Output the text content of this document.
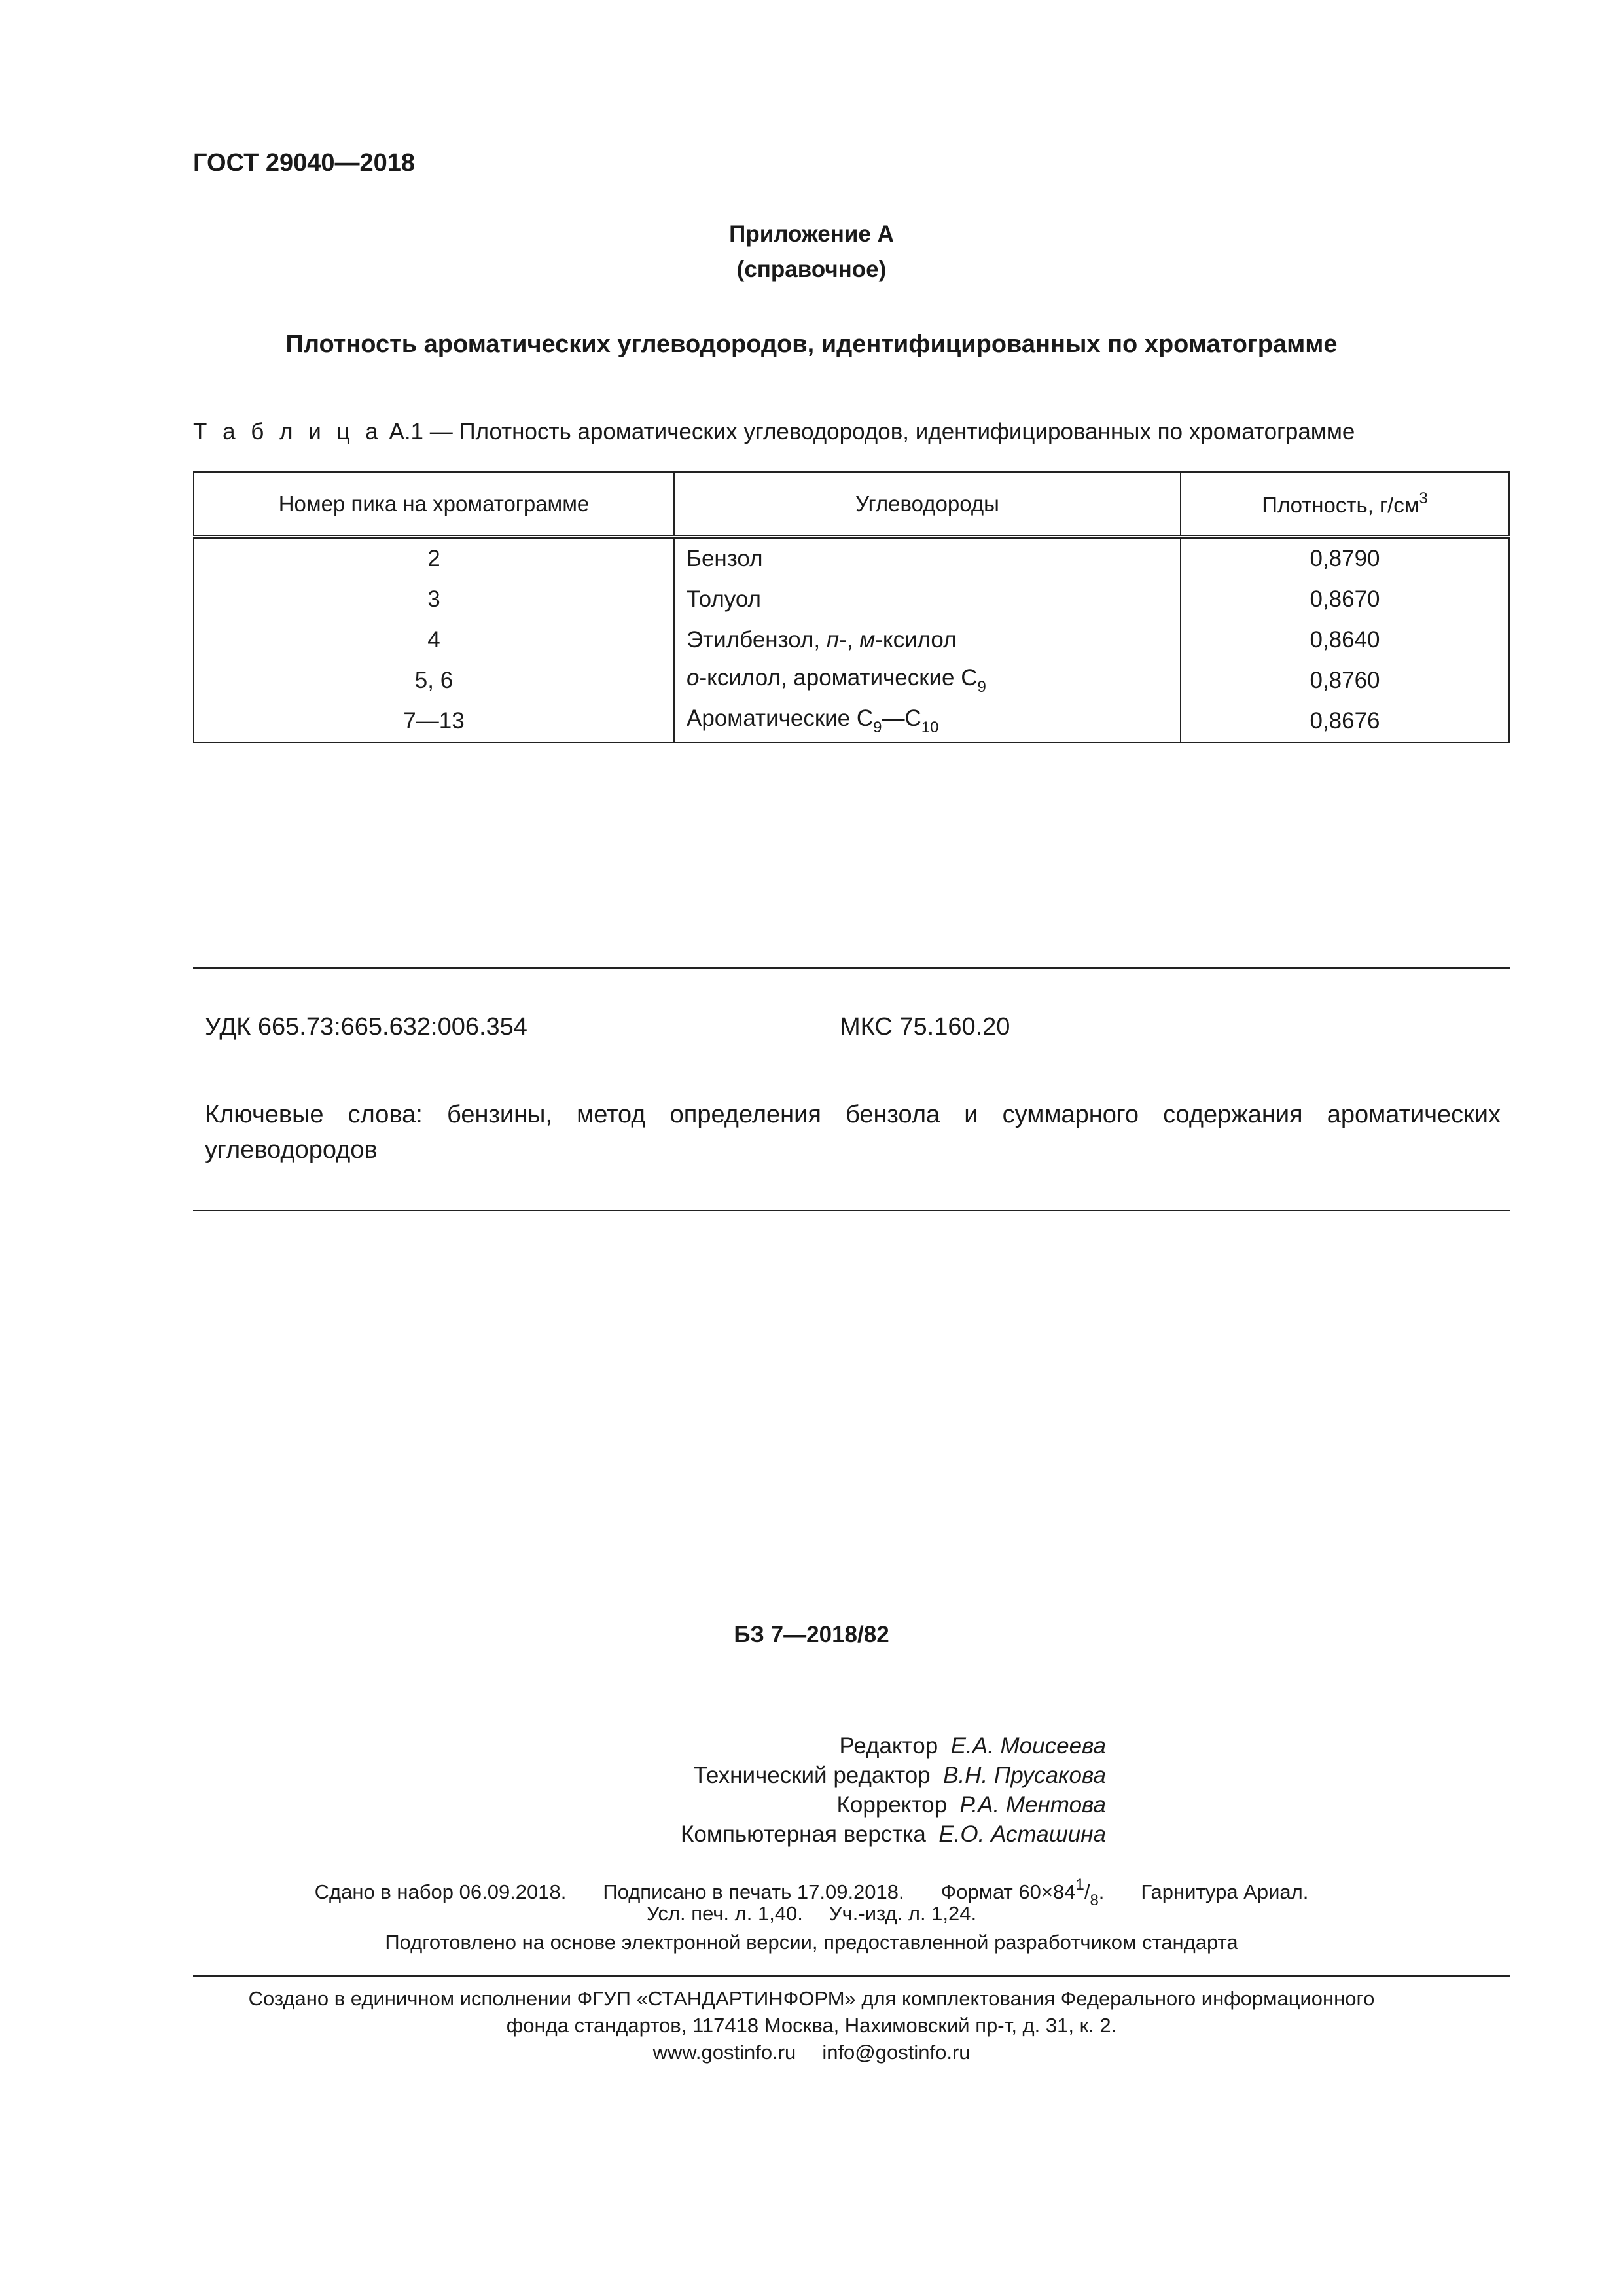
ГОСТ 29040—2018
Приложение А
(справочное)
Плотность ароматических углеводородов, идентифицированных по хроматограмме
Т а б л и ц а А.1 — Плотность ароматических углеводородов, идентифицированных по хроматограмме
Номер пика на хроматограмме	Углеводороды	Плотность, $г/см^3$
2	Бензол	0,8790
3	Толуол	0,8670
4	Этилбензол, п-, м-ксилол	0,8640
5, 6	о-ксилол, ароматические $С_9$	0,8760
7—13	Ароматические $С_9—С_{10}$	0,8676
УДК 665.73:665.632:006.354	МКС 75.160.20
Ключевые слова: бензины, метод определения бензола и суммарного содержания ароматических углеводородов
БЗ 7—2018/82
Редактор Е.А. Моисеева
Технический редактор В.Н. Прусакова
Корректор Р.А. Ментова
Компьютерная верстка Е.О. Асташина
Сдано в набор 06.09.2018. Подписано в печать 17.09.2018. Формат $60\times 84^1/_8$. Гарнитура Ариал.
Усл. печ. л. 1,40. Уч.-изд. л. 1,24.
Подготовлено на основе электронной версии, предоставленной разработчиком стандарта
Создано в единичном исполнении ФГУП «СТАНДАРТИНФОРМ» для комплектования Федерального информационного
фонда стандартов, 117418 Москва, Нахимовский пр-т, д. 31, к. 2.
www.gostinfo.ru info@gostinfo.ru
